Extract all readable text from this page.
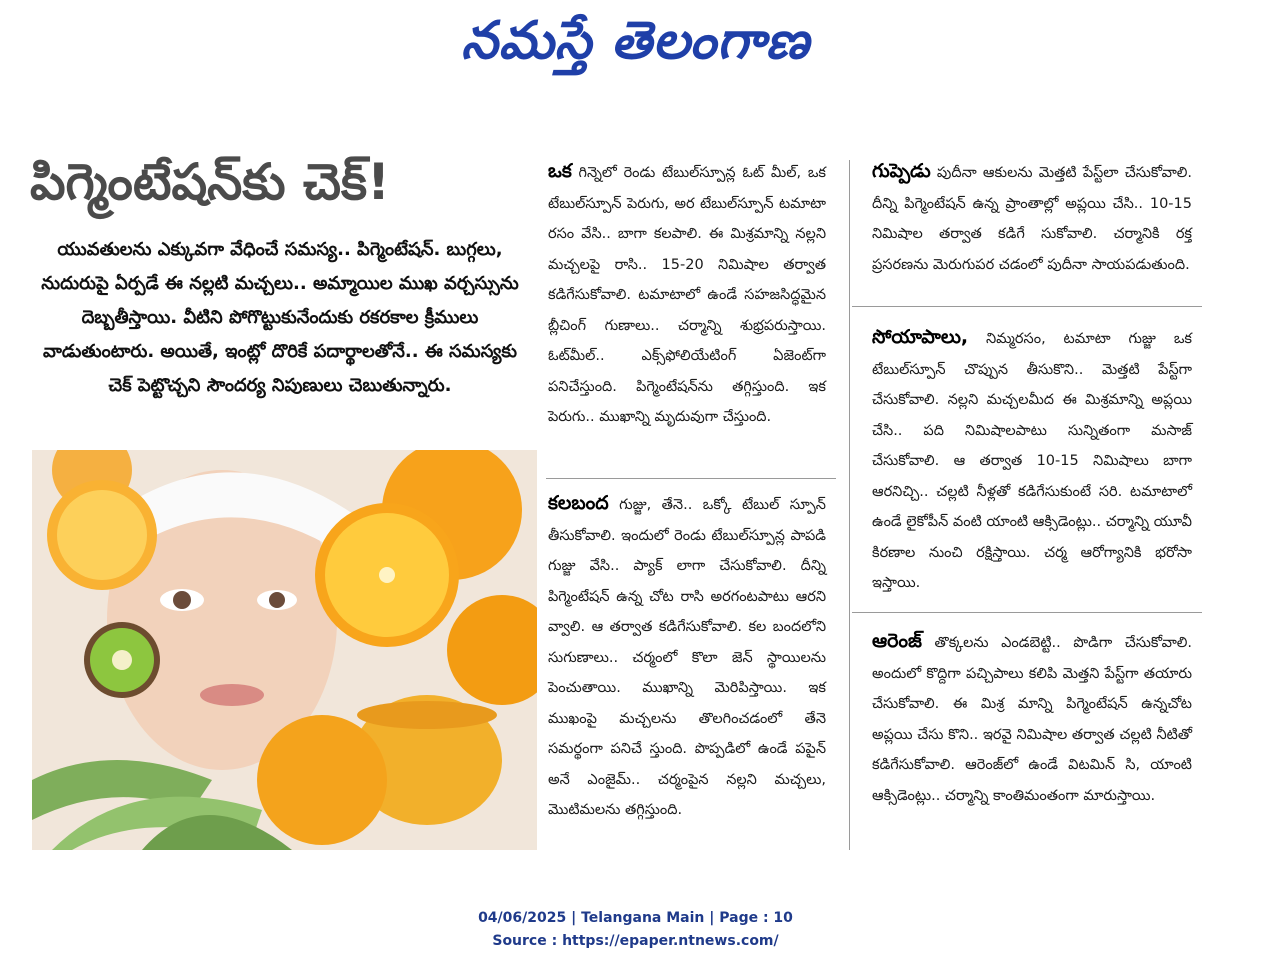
నమస్తే తెలంగాణ
పిగ్మెంటేషన్‌కు చెక్!
యువతులను ఎక్కువగా వేధించే సమస్య.. పిగ్మెంటేషన్. బుగ్గలు, నుదురుపై ఏర్పడే ఈ నల్లటి మచ్చలు.. అమ్మాయిల ముఖ వర్చస్సును దెబ్బతీస్తాయి. వీటిని పోగొట్టుకునేందుకు రకరకాల క్రీములు వాడుతుంటారు. అయితే, ఇంట్లో దొరికే పదార్థాలతోనే.. ఈ సమస్యకు చెక్ పెట్టొచ్చని సౌందర్య నిపుణులు చెబుతున్నారు.
ఒక గిన్నెలో రెండు టేబుల్‌స్పూన్ల ఓట్ మీల్, ఒక టేబుల్‌స్పూన్ పెరుగు, అర టేబుల్‌స్పూన్ టమాటా రసం వేసి.. బాగా కలపాలి. ఈ మిశ్రమాన్ని నల్లని మచ్చలపై రాసి.. 15-20 నిమిషాల తర్వాత కడిగేసుకోవాలి. టమాటాలో ఉండే సహజసిద్ధమైన బ్లీచింగ్ గుణాలు.. చర్మాన్ని శుభ్రపరుస్తాయి. ఓట్‌మీల్.. ఎక్స్‌ఫోలియేటింగ్ ఏజెంట్‌గా పనిచేస్తుంది. పిగ్మెంటేషన్‌ను తగ్గిస్తుంది. ఇక పెరుగు.. ముఖాన్ని మృదువుగా చేస్తుంది.
కలబంద గుజ్జు, తేనె.. ఒక్కో టేబుల్ స్పూన్ తీసుకోవాలి. ఇందులో రెండు టేబుల్‌స్పూన్ల పాపడి గుజ్జు వేసి.. ప్యాక్ లాగా చేసుకోవాలి. దీన్ని పిగ్మెంటేషన్ ఉన్న చోట రాసి అరగంటపాటు ఆరని వ్వాలి. ఆ తర్వాత కడిగేసుకోవాలి. కల బందలోని సుగుణాలు.. చర్మంలో కొలా జెన్ స్థాయిలను పెంచుతాయి. ముఖాన్ని మెరిపిస్తాయి. ఇక ముఖంపై మచ్చలను తొలగించడంలో తేనె సమర్థంగా పనిచే స్తుంది. పొప్పడిలో ఉండే పపైన్ అనే ఎంజైమ్.. చర్మంపైన నల్లని మచ్చలు, మొటిమలను తగ్గిస్తుంది.
గుప్పెడు పుదీనా ఆకులను మెత్తటి పేస్ట్‌లా చేసుకోవాలి. దీన్ని పిగ్మెంటేషన్ ఉన్న ప్రాంతాల్లో అప్లయి చేసి.. 10-15 నిమిషాల తర్వాత కడిగే సుకోవాలి. చర్మానికి రక్త ప్రసరణను మెరుగుపర చడంలో పుదీనా సాయపడుతుంది.
సోయాపాలు, నిమ్మరసం, టమాటా గుజ్జు ఒక టేబుల్‌స్పూన్ చొప్పున తీసుకొని.. మెత్తటి పేస్ట్‌గా చేసుకోవాలి. నల్లని మచ్చలమీద ఈ మిశ్రమాన్ని అప్లయి చేసి.. పది నిమిషాలపాటు సున్నితంగా మసాజ్ చేసుకోవాలి. ఆ తర్వాత 10-15 నిమిషాలు బాగా ఆరనిచ్చి.. చల్లటి నీళ్లతో కడిగేసుకుంటే సరి. టమాటాలో ఉండే లైకోపీన్ వంటి యాంటి ఆక్సిడెంట్లు.. చర్మాన్ని యూవీ కిరణాల నుంచి రక్షిస్తాయి. చర్మ ఆరోగ్యానికి భరోసా ఇస్తాయి.
ఆరెంజ్ తొక్కలను ఎండబెట్టి.. పొడిగా చేసుకోవాలి. అందులో కొద్దిగా పచ్చిపాలు కలిపి మెత్తని పేస్ట్‌గా తయారు చేసుకోవాలి. ఈ మిశ్ర మాన్ని పిగ్మెంటేషన్ ఉన్నచోట అప్లయి చేసు కొని.. ఇరవై నిమిషాల తర్వాత చల్లటి నీటితో కడిగేసుకోవాలి. ఆరెంజ్‌లో ఉండే విటమిన్ సి, యాంటి ఆక్సిడెంట్లు.. చర్మాన్ని కాంతిమంతంగా మారుస్తాయి.
04/06/2025 | Telangana Main | Page : 10
Source : https://epaper.ntnews.com/
